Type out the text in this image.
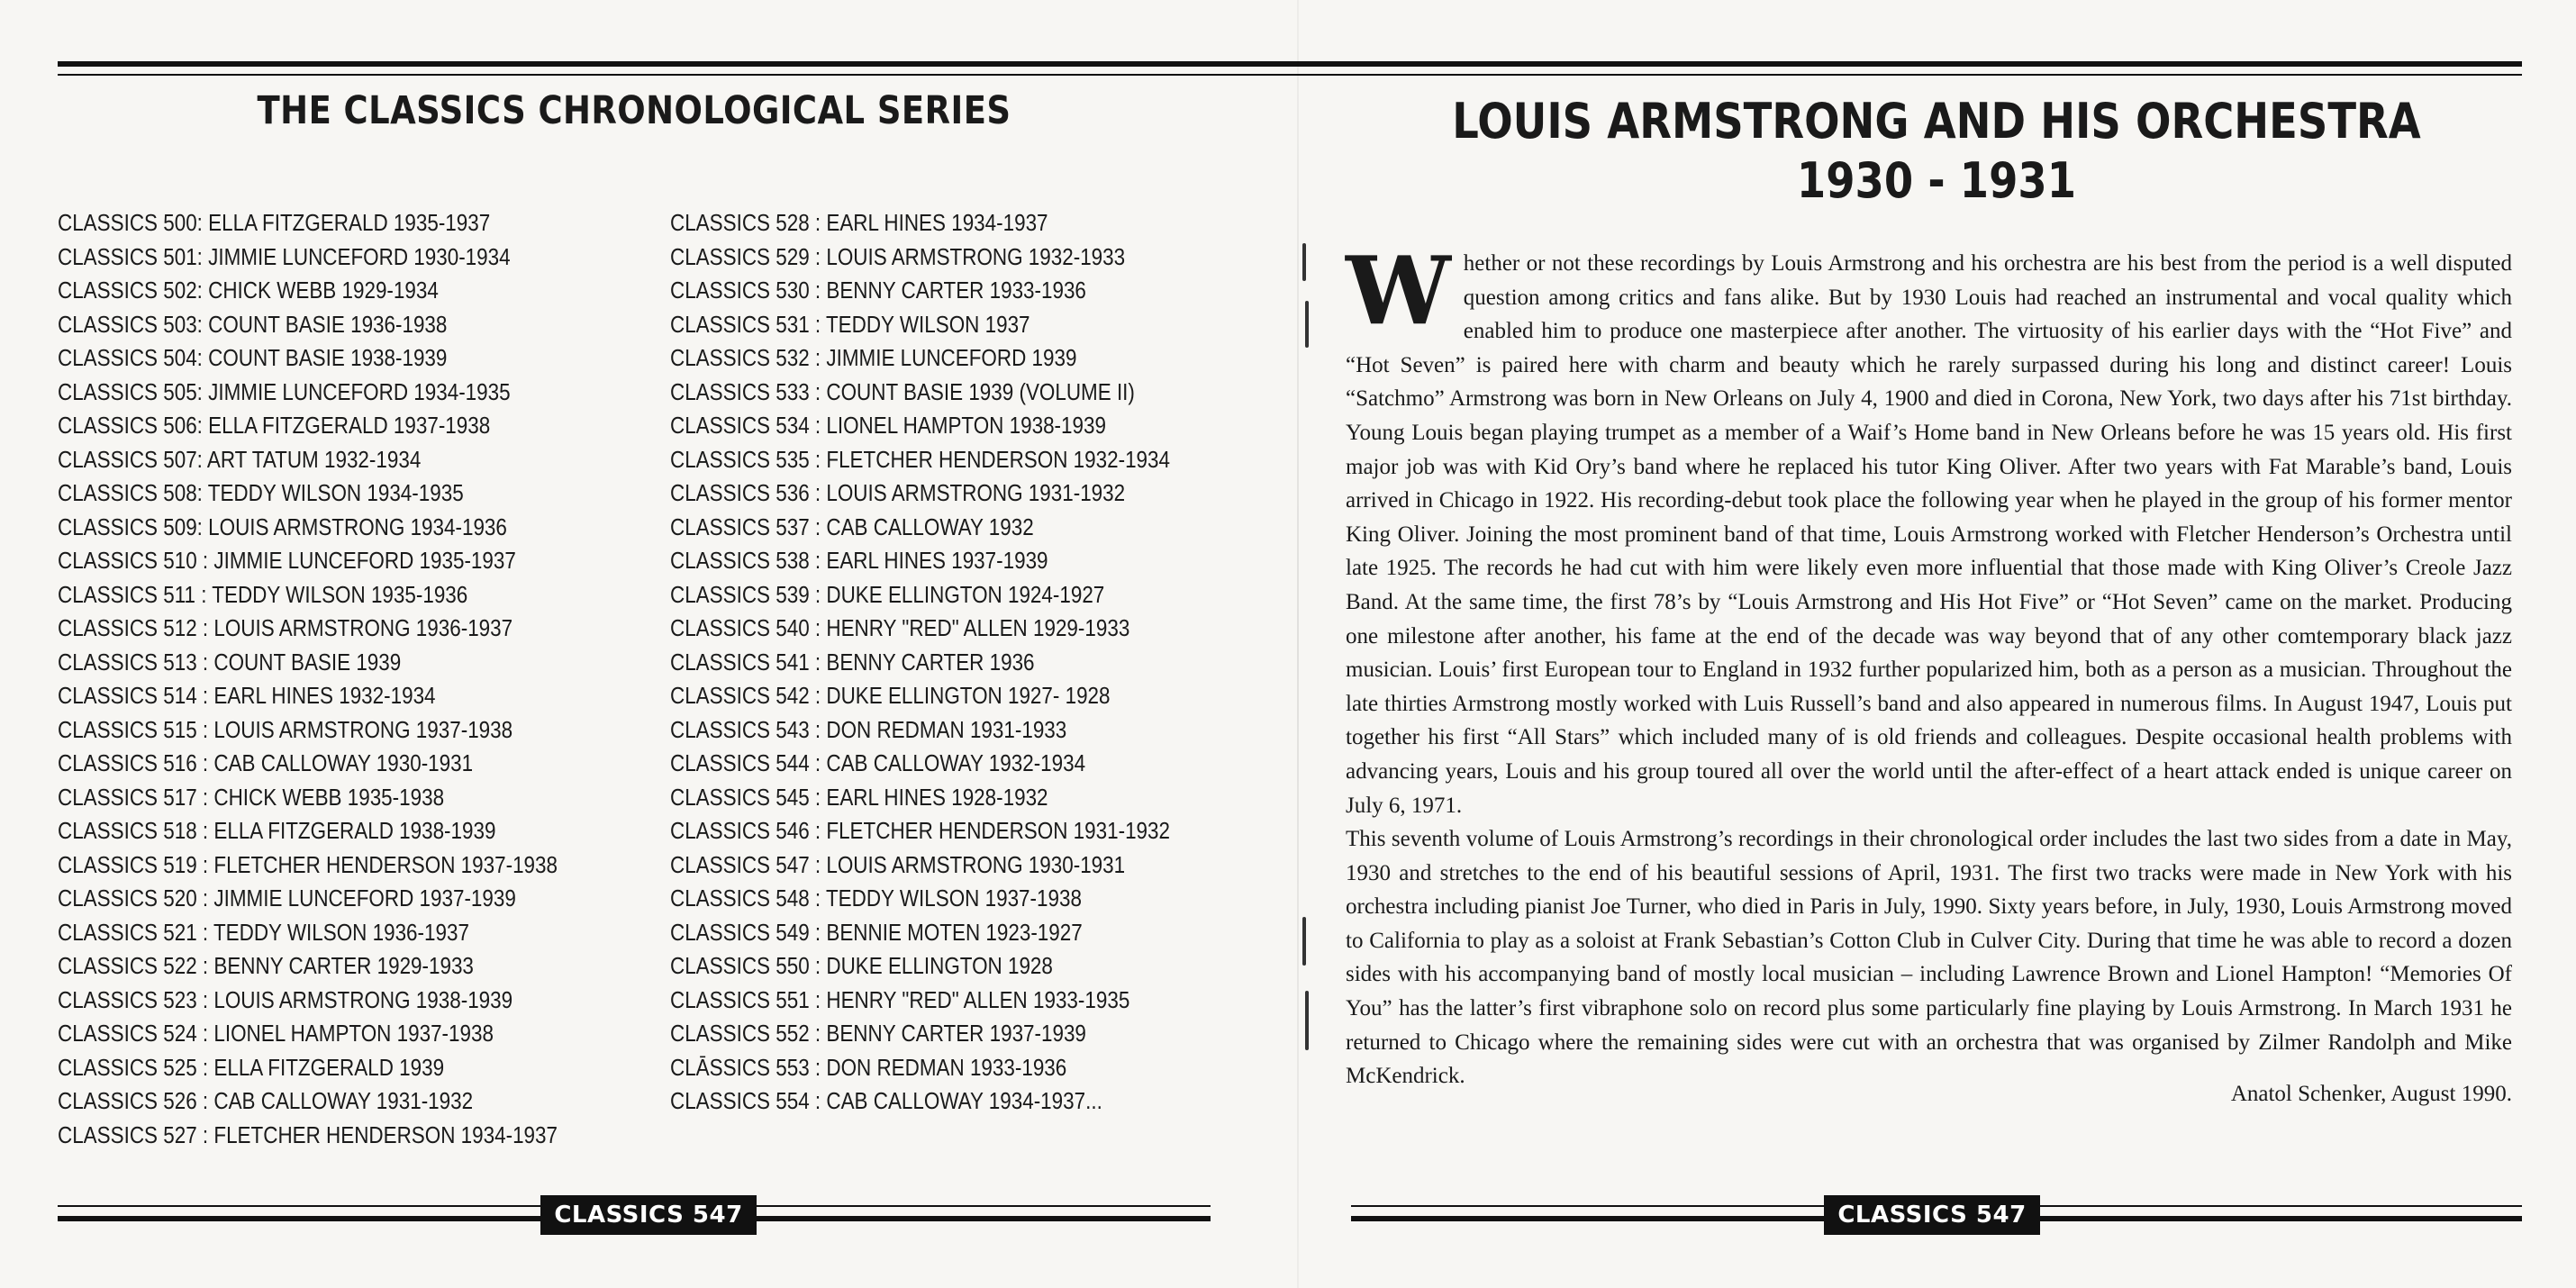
THE CLASSICS CHRONOLOGICAL SERIES
CLASSICS 500: ELLA FITZGERALD 1935-1937
CLASSICS 501: JIMMIE LUNCEFORD 1930-1934
CLASSICS 502: CHICK WEBB 1929-1934
CLASSICS 503: COUNT BASIE 1936-1938
CLASSICS 504: COUNT BASIE 1938-1939
CLASSICS 505: JIMMIE LUNCEFORD 1934-1935
CLASSICS 506: ELLA FITZGERALD 1937-1938
CLASSICS 507: ART TATUM 1932-1934
CLASSICS 508: TEDDY WILSON 1934-1935
CLASSICS 509: LOUIS ARMSTRONG 1934-1936
CLASSICS 510 : JIMMIE LUNCEFORD 1935-1937
CLASSICS 511 : TEDDY WILSON 1935-1936
CLASSICS 512 : LOUIS ARMSTRONG 1936-1937
CLASSICS 513 : COUNT BASIE 1939
CLASSICS 514 : EARL HINES 1932-1934
CLASSICS 515 : LOUIS ARMSTRONG 1937-1938
CLASSICS 516 : CAB CALLOWAY 1930-1931
CLASSICS 517 : CHICK WEBB 1935-1938
CLASSICS 518 : ELLA FITZGERALD 1938-1939
CLASSICS 519 : FLETCHER HENDERSON 1937-1938
CLASSICS 520 : JIMMIE LUNCEFORD 1937-1939
CLASSICS 521 : TEDDY WILSON 1936-1937
CLASSICS 522 : BENNY CARTER 1929-1933
CLASSICS 523 : LOUIS ARMSTRONG 1938-1939
CLASSICS 524 : LIONEL HAMPTON 1937-1938
CLASSICS 525 : ELLA FITZGERALD 1939
CLASSICS 526 : CAB CALLOWAY 1931-1932
CLASSICS 527 : FLETCHER HENDERSON 1934-1937
CLASSICS 528 : EARL HINES 1934-1937
CLASSICS 529 : LOUIS ARMSTRONG 1932-1933
CLASSICS 530 : BENNY CARTER 1933-1936
CLASSICS 531 : TEDDY WILSON 1937
CLASSICS 532 : JIMMIE LUNCEFORD 1939
CLASSICS 533 : COUNT BASIE 1939 (VOLUME II)
CLASSICS 534 : LIONEL HAMPTON 1938-1939
CLASSICS 535 : FLETCHER HENDERSON 1932-1934
CLASSICS 536 : LOUIS ARMSTRONG 1931-1932
CLASSICS 537 : CAB CALLOWAY 1932
CLASSICS 538 : EARL HINES 1937-1939
CLASSICS 539 : DUKE ELLINGTON 1924-1927
CLASSICS 540 : HENRY "RED" ALLEN 1929-1933
CLASSICS 541 : BENNY CARTER 1936
CLASSICS 542 : DUKE ELLINGTON 1927- 1928
CLASSICS 543 : DON REDMAN 1931-1933
CLASSICS 544 : CAB CALLOWAY 1932-1934
CLASSICS 545 : EARL HINES 1928-1932
CLASSICS 546 : FLETCHER HENDERSON 1931-1932
CLASSICS 547 : LOUIS ARMSTRONG 1930-1931
CLASSICS 548 : TEDDY WILSON 1937-1938
CLASSICS 549 : BENNIE MOTEN 1923-1927
CLASSICS 550 : DUKE ELLINGTON 1928
CLASSICS 551 : HENRY "RED" ALLEN 1933-1935
CLASSICS 552 : BENNY CARTER 1937-1939
CLĀSSICS 553 : DON REDMAN 1933-1936
CLASSICS 554 : CAB CALLOWAY 1934-1937...
CLASSICS 547
LOUIS ARMSTRONG AND HIS ORCHESTRA
1930 - 1931

Whether or not these recordings by Louis Armstrong and his orchestra are his best from the period is a well disputed question among critics and fans alike. But by 1930 Louis had reached an instrumental and vocal quality which enabled him to produce one masterpiece after another. The virtuosity of his earlier days with the “Hot Five” and “Hot Seven” is paired here with charm and beauty which he rarely surpassed during his long and distinct career! Louis “Satchmo” Armstrong was born in New Orleans on July 4, 1900 and died in Corona, New York, two days after his 71st birthday. Young Louis began playing trumpet as a member of a Waif’s Home band in New Orleans before he was 15 years old. His first major job was with Kid Ory’s band where he replaced his tutor King Oliver. After two years with Fat Marable’s band, Louis arrived in Chicago in 1922. His recording-debut took place the following year when he played in the group of his former mentor King Oliver. Joining the most prominent band of that time, Louis Armstrong worked with Fletcher Henderson’s Orchestra until late 1925. The records he had cut with him were likely even more influential that those made with King Oliver’s Creole Jazz Band. At the same time, the first 78’s by “Louis Armstrong and His Hot Five” or “Hot Seven” came on the market. Producing one milestone after another, his fame at the end of the decade was way beyond that of any other comtemporary black jazz musician. Louis’ first European tour to England in 1932 further popularized him, both as a person as a musician. Throughout the late thirties Armstrong mostly worked with Luis Russell’s band and also appeared in numerous films. In August 1947, Louis put together his first “All Stars” which included many of is old friends and colleagues. Despite occasional health problems with advancing years, Louis and his group toured all over the world until the after-effect of a heart attack ended is unique career on July 6, 1971.

This seventh volume of Louis Armstrong’s recordings in their chronological order includes the last two sides from a date in May, 1930 and stretches to the end of his beautiful sessions of April, 1931. The first two tracks were made in New York with his orchestra including pianist Joe Turner, who died in Paris in July, 1990. Sixty years before, in July, 1930, Louis Armstrong moved to California to play as a soloist at Frank Sebastian’s Cotton Club in Culver City. During that time he was able to record a dozen sides with his accompanying band of mostly local musician – including Lawrence Brown and Lionel Hampton! “Memories Of You” has the latter’s first vibraphone solo on record plus some particularly fine playing by Louis Armstrong. In March 1931 he returned to Chicago where the remaining sides were cut with an orchestra that was organised by Zilmer Randolph and Mike McKendrick.

Anatol Schenker, August 1990.
CLASSICS 547
